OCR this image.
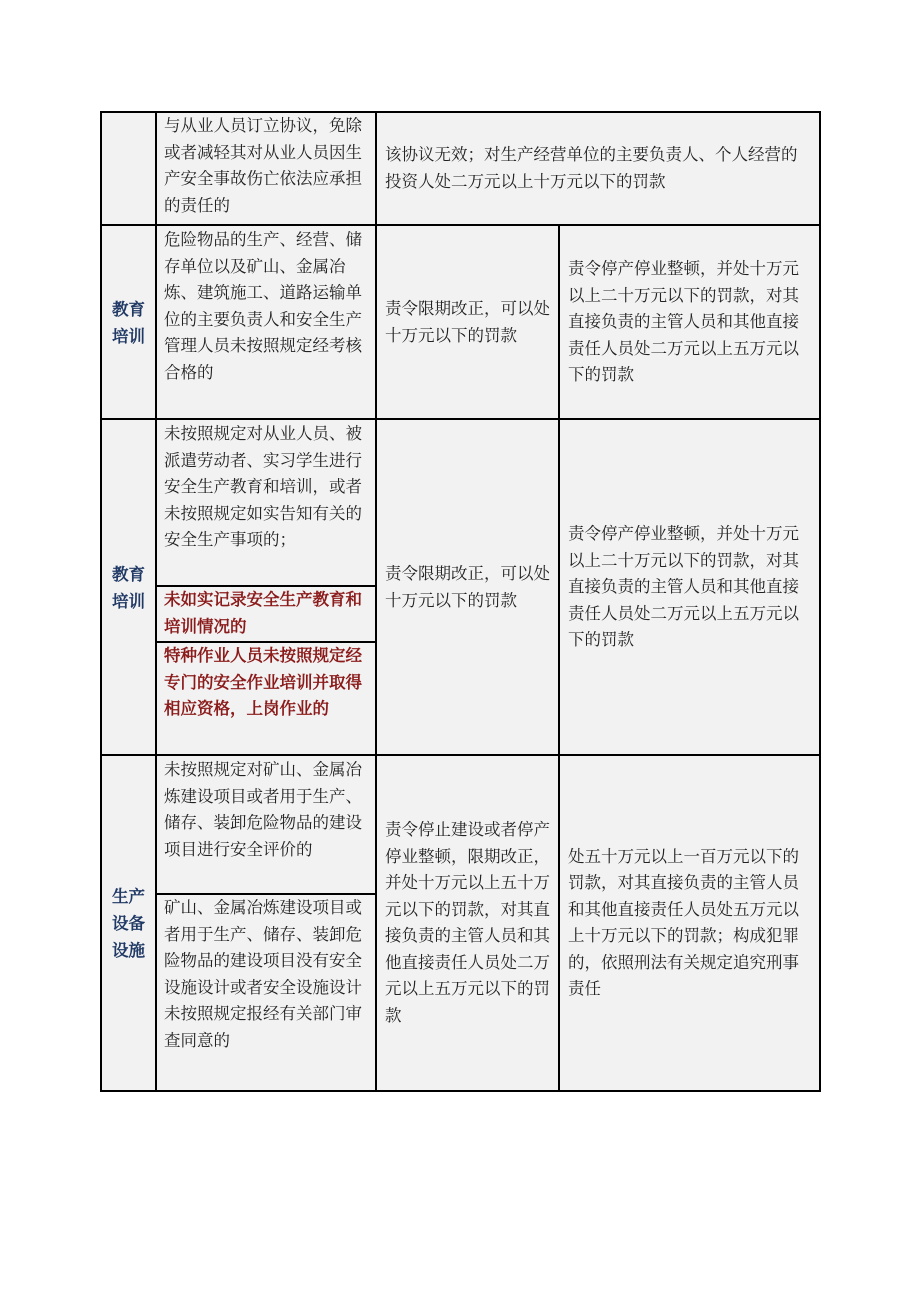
与从业人员订立协议，免除或者减轻其对从业人员因生产安全事故伤亡依法应承担的责任的
该协议无效；对生产经营单位的主要负责人、个人经营的投资人处二万元以上十万元以下的罚款
教育培训
危险物品的生产、经营、储存单位以及矿山、金属冶炼、建筑施工、道路运输单位的主要负责人和安全生产管理人员未按照规定经考核合格的
责令限期改正，可以处十万元以下的罚款
责令停产停业整顿，并处十万元以上二十万元以下的罚款，对其直接负责的主管人员和其他直接责任人员处二万元以上五万元以下的罚款
教育培训
未按照规定对从业人员、被派遣劳动者、实习学生进行安全生产教育和培训，或者未按照规定如实告知有关的安全生产事项的；
未如实记录安全生产教育和培训情况的
特种作业人员未按照规定经专门的安全作业培训并取得相应资格，上岗作业的
责令限期改正，可以处十万元以下的罚款
责令停产停业整顿，并处十万元以上二十万元以下的罚款，对其直接负责的主管人员和其他直接责任人员处二万元以上五万元以下的罚款
生产设备设施
未按照规定对矿山、金属冶炼建设项目或者用于生产、储存、装卸危险物品的建设项目进行安全评价的
矿山、金属冶炼建设项目或者用于生产、储存、装卸危险物品的建设项目没有安全设施设计或者安全设施设计未按照规定报经有关部门审查同意的
责令停止建设或者停产停业整顿，限期改正，并处十万元以上五十万元以下的罚款，对其直接负责的主管人员和其他直接责任人员处二万元以上五万元以下的罚款
处五十万元以上一百万元以下的罚款，对其直接负责的主管人员和其他直接责任人员处五万元以上十万元以下的罚款；构成犯罪的，依照刑法有关规定追究刑事责任
